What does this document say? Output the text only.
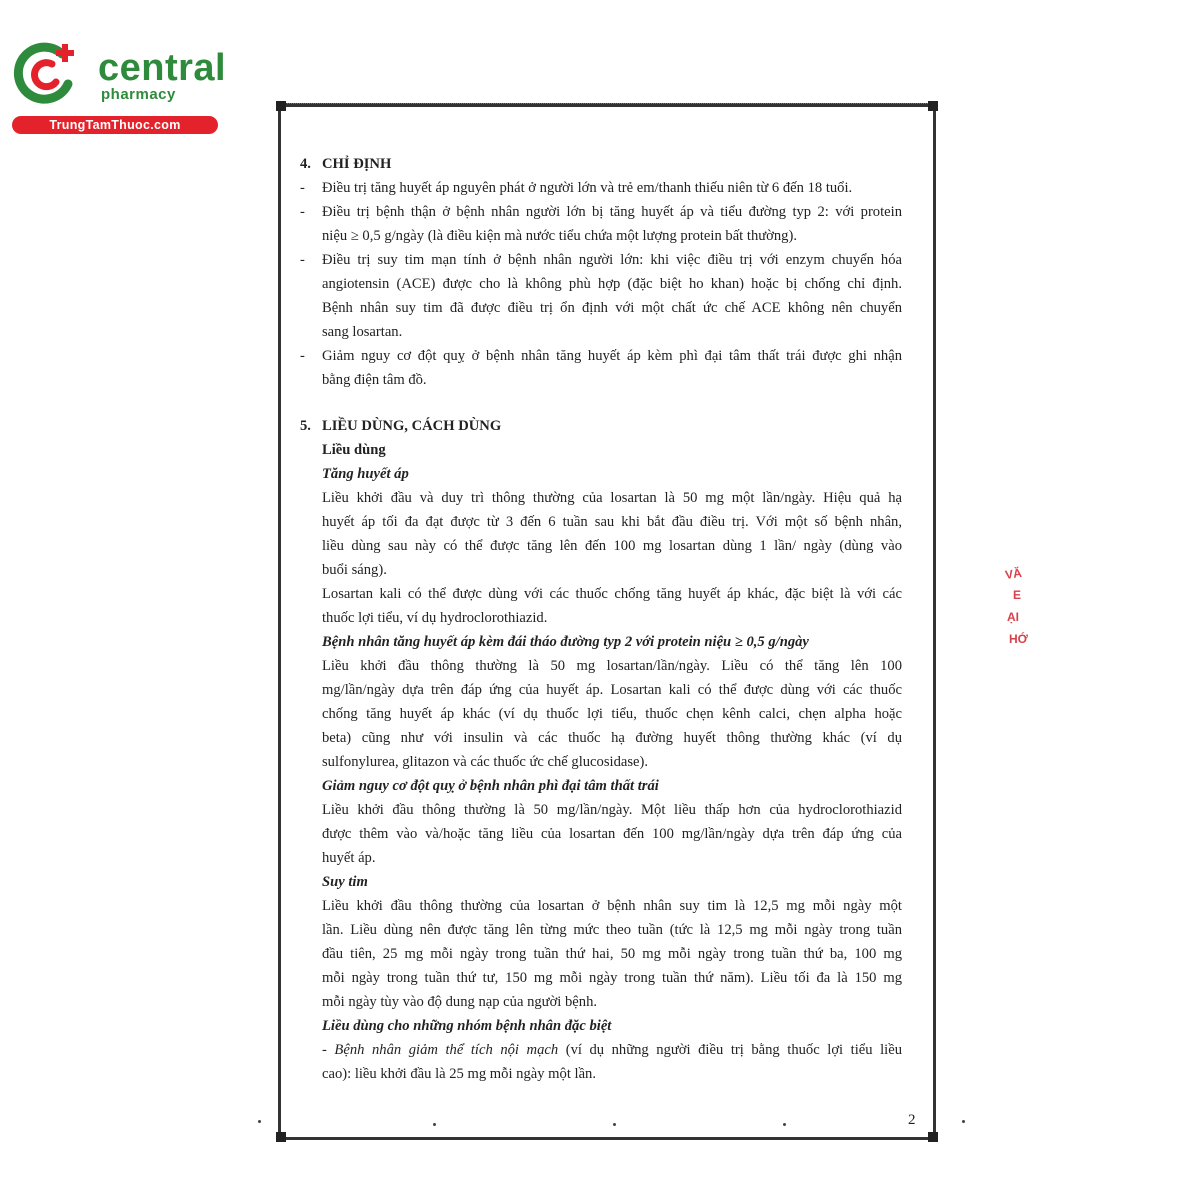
central
pharmacy
TrungTamThuoc.com
4. CHỈ ĐỊNH
- Điều trị tăng huyết áp nguyên phát ở người lớn và trẻ em/thanh thiếu niên từ 6 đến 18 tuổi.
- Điều trị bệnh thận ở bệnh nhân người lớn bị tăng huyết áp và tiểu đường typ 2: với protein
niệu ≥ 0,5 g/ngày (là điều kiện mà nước tiểu chứa một lượng protein bất thường).
- Điều trị suy tim mạn tính ở bệnh nhân người lớn: khi việc điều trị với enzym chuyển hóa
angiotensin (ACE) được cho là không phù hợp (đặc biệt ho khan) hoặc bị chống chỉ định.
Bệnh nhân suy tim đã được điều trị ổn định với một chất ức chế ACE không nên chuyển
sang losartan.
- Giảm nguy cơ đột quỵ ở bệnh nhân tăng huyết áp kèm phì đại tâm thất trái được ghi nhận
bằng điện tâm đồ.
5. LIỀU DÙNG, CÁCH DÙNG
Liều dùng
Tăng huyết áp
Liều khởi đầu và duy trì thông thường của losartan là 50 mg một lần/ngày. Hiệu quả hạ
huyết áp tối đa đạt được từ 3 đến 6 tuần sau khi bắt đầu điều trị. Với một số bệnh nhân,
liều dùng sau này có thể được tăng lên đến 100 mg losartan dùng 1 lần/ ngày (dùng vào
buổi sáng).
Losartan kali có thể được dùng với các thuốc chống tăng huyết áp khác, đặc biệt là với các
thuốc lợi tiểu, ví dụ hydroclorothiazid.
Bệnh nhân tăng huyết áp kèm đái tháo đường typ 2 với protein niệu ≥ 0,5 g/ngày
Liều khởi đầu thông thường là 50 mg losartan/lần/ngày. Liều có thể tăng lên 100
mg/lần/ngày dựa trên đáp ứng của huyết áp. Losartan kali có thể được dùng với các thuốc
chống tăng huyết áp khác (ví dụ thuốc lợi tiểu, thuốc chẹn kênh calci, chẹn alpha hoặc
beta) cũng như với insulin và các thuốc hạ đường huyết thông thường khác (ví dụ
sulfonylurea, glitazon và các thuốc ức chế glucosidase).
Giảm nguy cơ đột quỵ ở bệnh nhân phì đại tâm thất trái
Liều khởi đầu thông thường là 50 mg/lần/ngày. Một liều thấp hơn của hydroclorothiazid
được thêm vào và/hoặc tăng liều của losartan đến 100 mg/lần/ngày dựa trên đáp ứng của
huyết áp.
Suy tim
Liều khởi đầu thông thường của losartan ở bệnh nhân suy tim là 12,5 mg mỗi ngày một
lần. Liều dùng nên được tăng lên từng mức theo tuần (tức là 12,5 mg mỗi ngày trong tuần
đầu tiên, 25 mg mỗi ngày trong tuần thứ hai, 50 mg mỗi ngày trong tuần thứ ba, 100 mg
mỗi ngày trong tuần thứ tư, 150 mg mỗi ngày trong tuần thứ năm). Liều tối đa là 150 mg
mỗi ngày tùy vào độ dung nạp của người bệnh.
Liều dùng cho những nhóm bệnh nhân đặc biệt
- Bệnh nhân giảm thể tích nội mạch (ví dụ những người điều trị bằng thuốc lợi tiểu liều
cao): liều khởi đầu là 25 mg mỗi ngày một lần.
2
VĂ
E
ẠI
HỚ
